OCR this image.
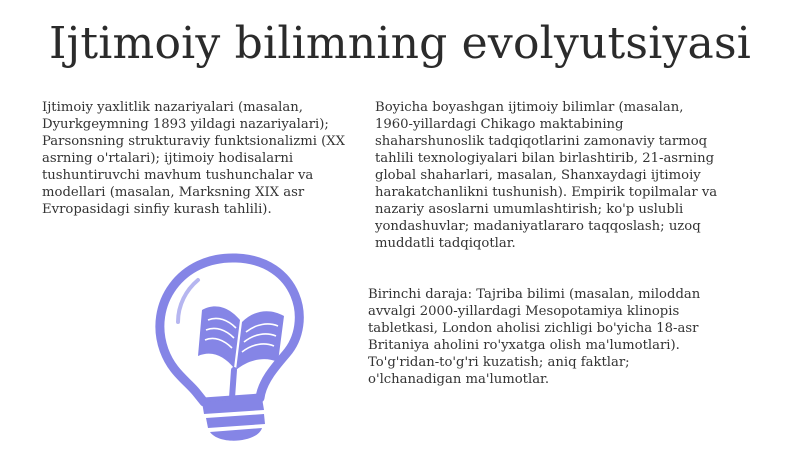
Ijtimoiy bilimning evolyutsiyasi
Ijtimoiy yaxlitlik nazariyalari (masalan, Dyurkgeymning 1893 yildagi nazariyalari); Parsonsning strukturaviy funktsionalizmi (XX asrning o'rtalari); ijtimoiy hodisalarni tushuntiruvchi mavhum tushunchalar va modellari (masalan, Marksning XIX asr Evropasidagi sinfiy kurash tahlili).
Boyicha boyashgan ijtimoiy bilimlar (masalan, 1960-yillardagi Chikago maktabining shaharshunoslik tadqiqotlarini zamonaviy tarmoq tahlili texnologiyalari bilan birlashtirib, 21-asrning global shaharlari, masalan, Shanxaydagi ijtimoiy harakatchanlikni tushunish). Empirik topilmalar va nazariy asoslarni umumlashtirish; ko'p uslubli yondashuvlar; madaniyatlararo taqqoslash; uzoq muddatli tadqiqotlar.
Birinchi daraja: Tajriba bilimi (masalan, miloddan avvalgi 2000-yillardagi Mesopotamiya klinopis tabletkasi, London aholisi zichligi bo'yicha 18-asr Britaniya aholini ro'yxatga olish ma'lumotlari). To'g'ridan-to'g'ri kuzatish; aniq faktlar; o'lchanadigan ma'lumotlar.
